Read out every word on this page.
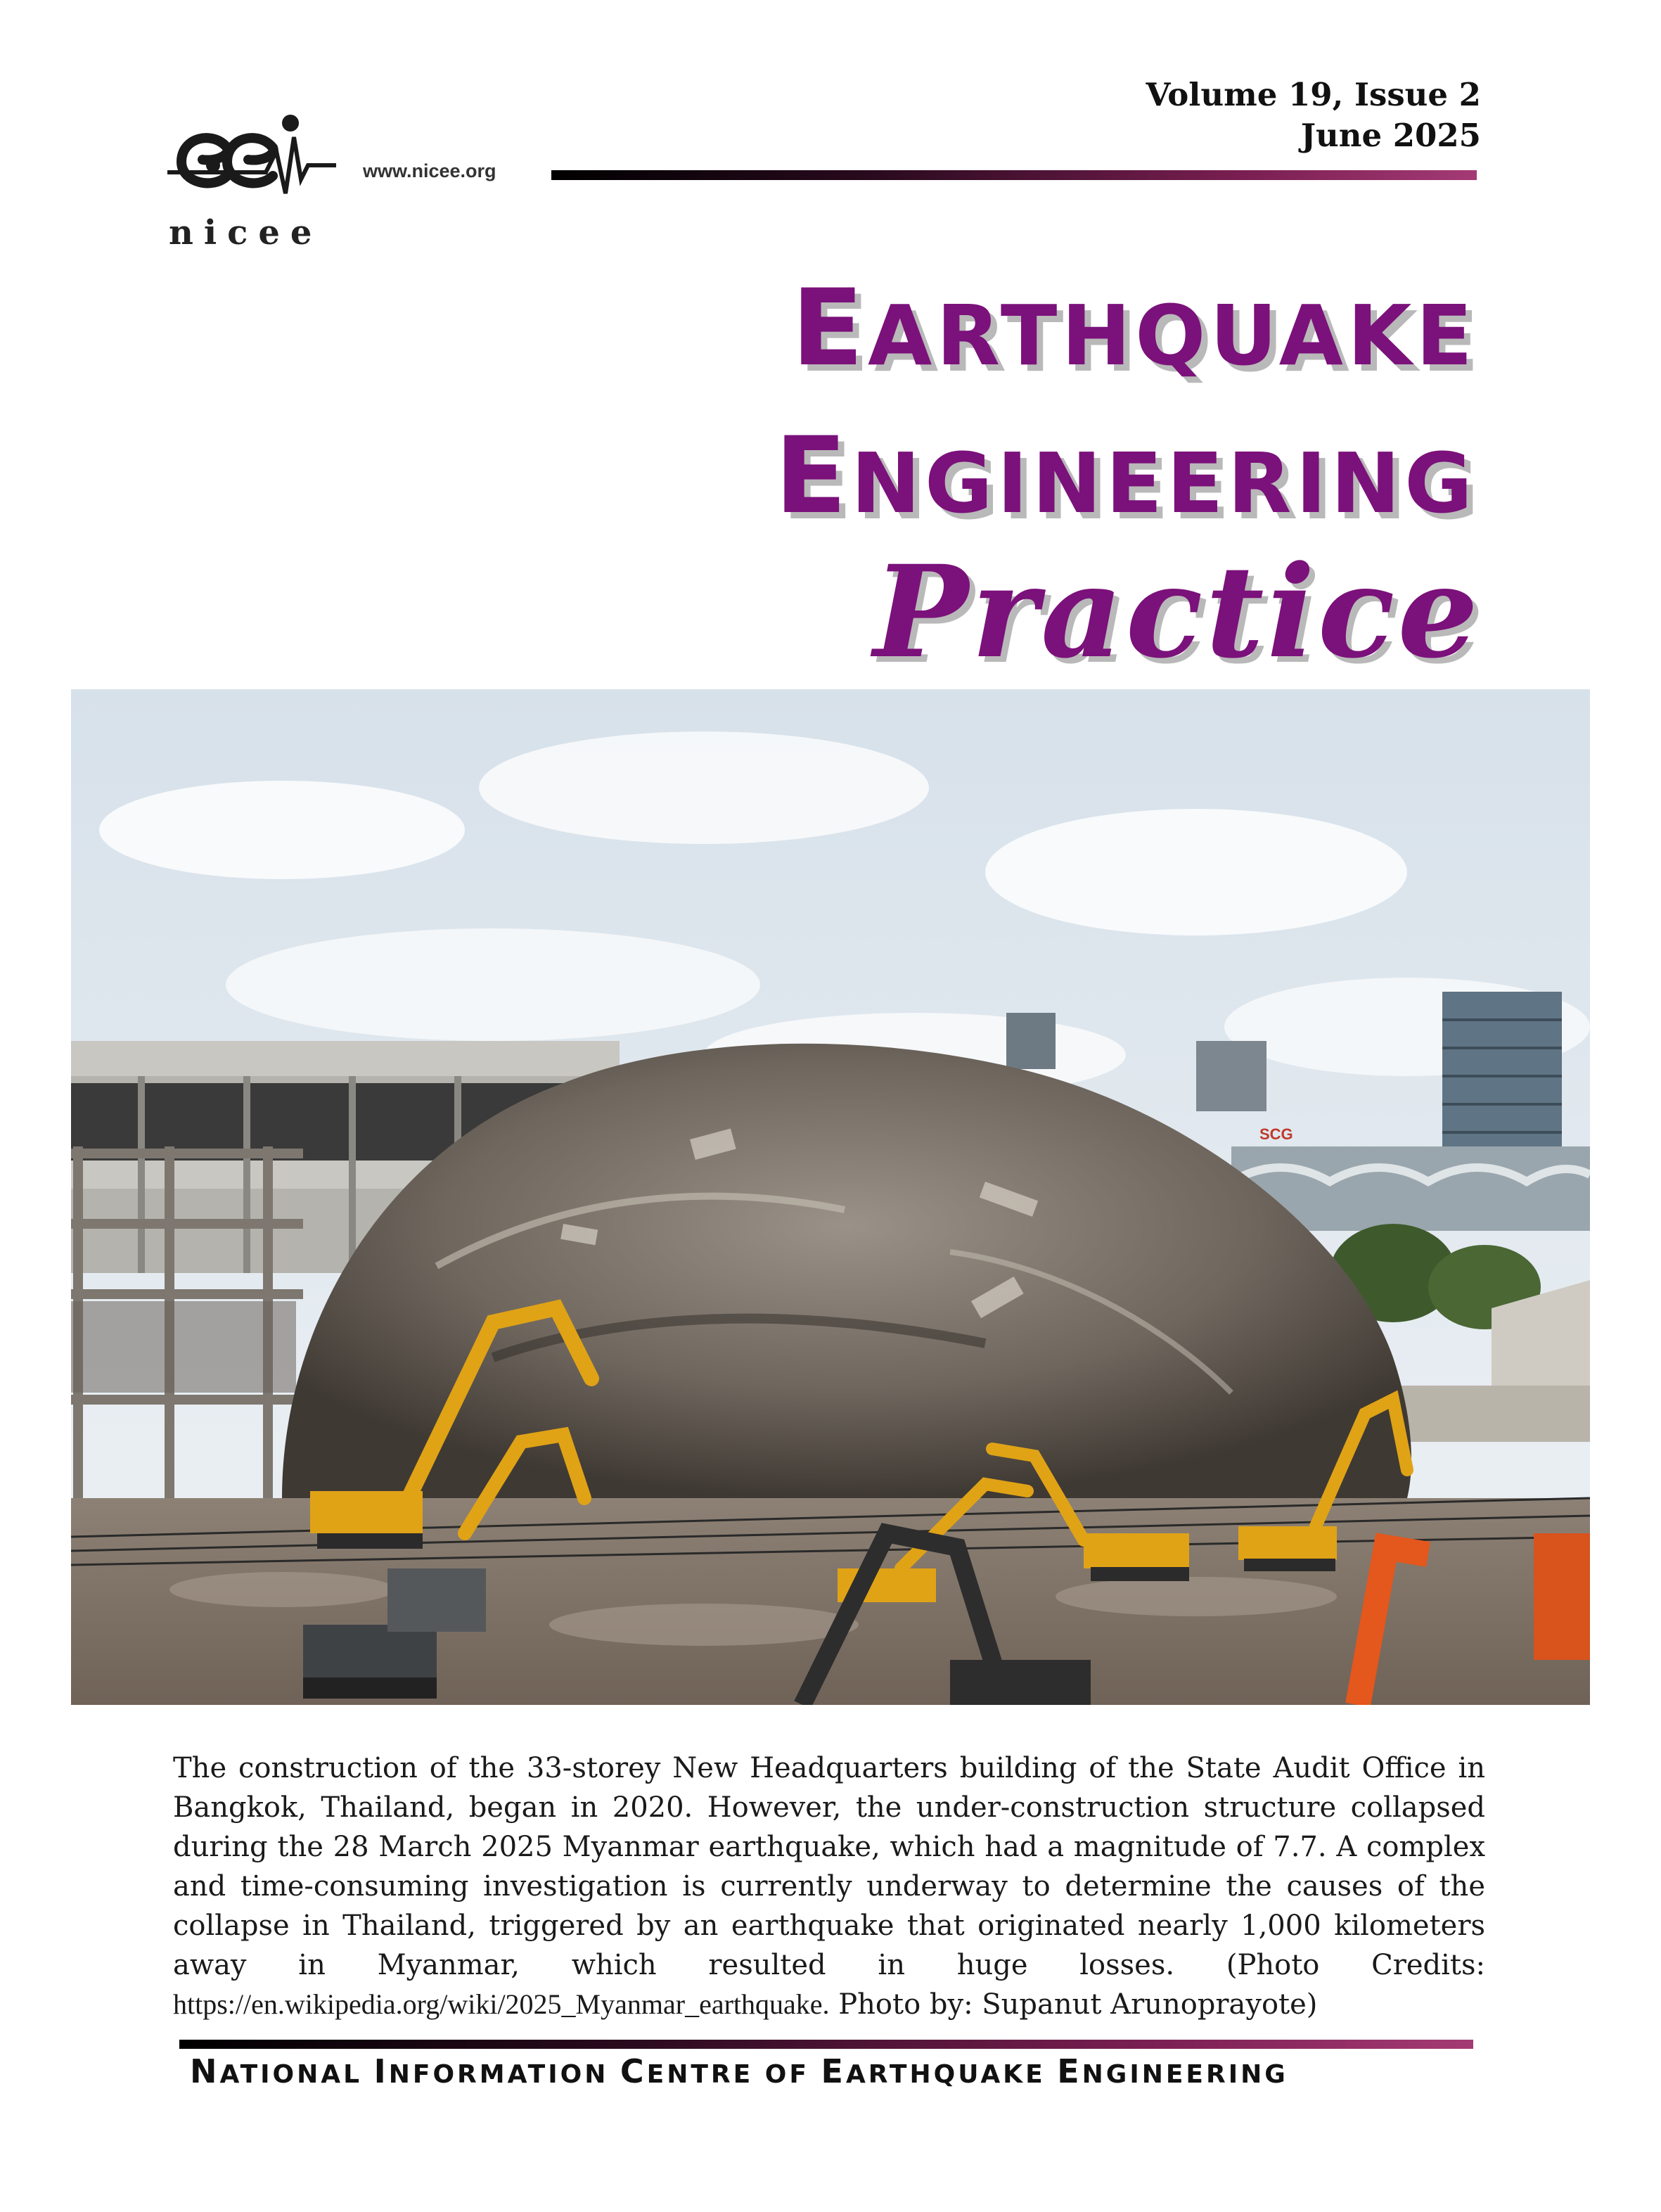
Volume 19, Issue 2
June 2025
nicee
www.nicee.org
EARTHQUAKE
ENGINEERING
Practice
SCG
The construction of the 33-storey New Headquarters building of the State Audit Office in Bangkok, Thailand, began in 2020. However, the under-construction structure collapsed during the 28 March 2025 Myanmar earthquake, which had a magnitude of 7.7. A complex and time-consuming investigation is currently underway to determine the causes of the collapse in Thailand, triggered by an earthquake that originated nearly 1,000 kilometers away in Myanmar, which resulted in huge losses. (Photo Credits: https://en.wikipedia.org/wiki/2025_Myanmar_earthquake. Photo by: Supanut Arunoprayote)
NATIONAL INFORMATION CENTRE OF EARTHQUAKE ENGINEERING
